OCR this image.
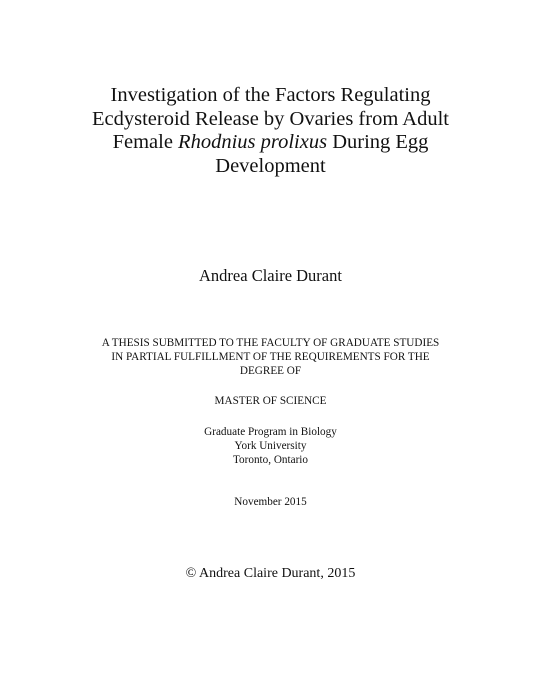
Investigation of the Factors Regulating
Ecdysteroid Release by Ovaries from Adult
Female Rhodnius prolixus During Egg
Development
Andrea Claire Durant
A THESIS SUBMITTED TO THE FACULTY OF GRADUATE STUDIES
IN PARTIAL FULFILLMENT OF THE REQUIREMENTS FOR THE
DEGREE OF
MASTER OF SCIENCE
Graduate Program in Biology
York University
Toronto, Ontario
November 2015
© Andrea Claire Durant, 2015
